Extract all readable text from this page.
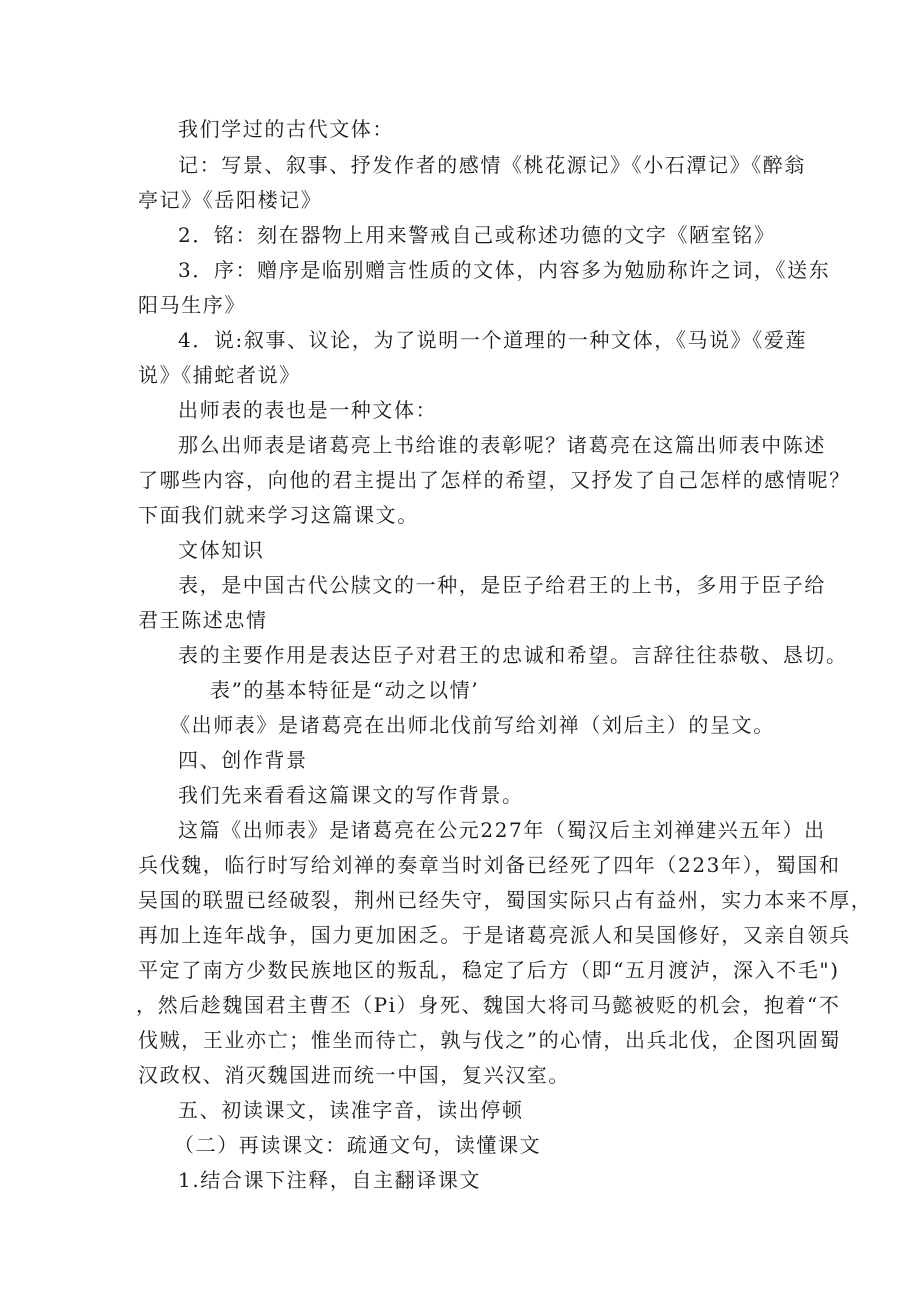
我们学过的古代文体：

记：写景、叙事、抒发作者的感情《桃花源记》《小石潭记》《醉翁

亭记》《岳阳楼记》

2．铭：刻在器物上用来警戒自己或称述功德的文字《陋室铭》

3．序：赠序是临别赠言性质的文体，内容多为勉励称许之词，《送东

阳马生序》

4．说:叙事、议论，为了说明一个道理的一种文体，《马说》《爱莲

说》《捕蛇者说》

出师表的表也是一种文体：

那么出师表是诸葛亮上书给谁的表彰呢？诸葛亮在这篇出师表中陈述

了哪些内容，向他的君主提出了怎样的希望，又抒发了自己怎样的感情呢？

下面我们就来学习这篇课文。

文体知识

表，是中国古代公牍文的一种，是臣子给君王的上书，多用于臣子给

君王陈述忠情

表的主要作用是表达臣子对君王的忠诚和希望。言辞往往恭敬、恳切。

表”的基本特征是“动之以情’

《出师表》是诸葛亮在出师北伐前写给刘禅（刘后主）的呈文。

四、创作背景

我们先来看看这篇课文的写作背景。

这篇《出师表》是诸葛亮在公元227年（蜀汉后主刘禅建兴五年）出

兵伐魏，临行时写给刘禅的奏章当时刘备已经死了四年（223年），蜀国和

吴国的联盟已经破裂，荆州已经失守，蜀国实际只占有益州，实力本来不厚，

再加上连年战争，国力更加困乏。于是诸葛亮派人和吴国修好，又亲自领兵

平定了南方少数民族地区的叛乱，稳定了后方（即“五月渡泸，深入不毛")

，然后趁魏国君主曹丕（Pi）身死、魏国大将司马懿被贬的机会，抱着“不

伐贼，王业亦亡；惟坐而待亡，孰与伐之”的心情，出兵北伐，企图巩固蜀

汉政权、消灭魏国进而统一中国，复兴汉室。

五、初读课文，读准字音，读出停顿

（二）再读课文：疏通文句，读懂课文

1.结合课下注释，自主翻译课文
